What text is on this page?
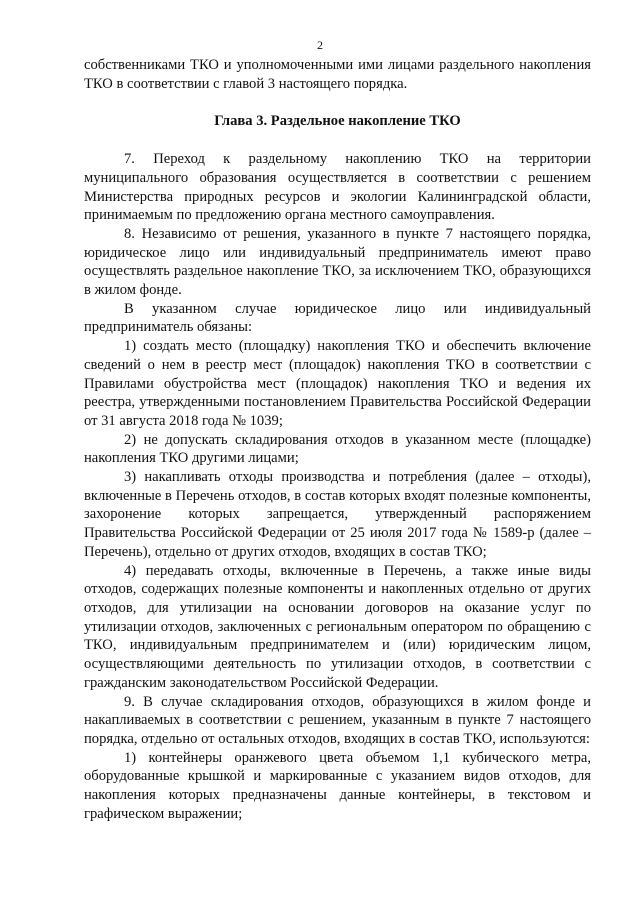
2

собственниками ТКО и уполномоченными ими лицами раздельного накопления ТКО в соответствии с главой 3 настоящего порядка.

Глава 3. Раздельное накопление ТКО

7. Переход к раздельному накоплению ТКО на территории муниципального образования осуществляется в соответствии с решением Министерства природных ресурсов и экологии Калининградской области, принимаемым по предложению органа местного самоуправления.

8. Независимо от решения, указанного в пункте 7 настоящего порядка, юридическое лицо или индивидуальный предприниматель имеют право осуществлять раздельное накопление ТКО, за исключением ТКО, образующихся в жилом фонде.

В указанном случае юридическое лицо или индивидуальный предприниматель обязаны:

1) создать место (площадку) накопления ТКО и обеспечить включение сведений о нем в реестр мест (площадок) накопления ТКО в соответствии с Правилами обустройства мест (площадок) накопления ТКО и ведения их реестра, утвержденными постановлением Правительства Российской Федерации от 31 августа 2018 года № 1039;

2) не допускать складирования отходов в указанном месте (площадке) накопления ТКО другими лицами;

3) накапливать отходы производства и потребления (далее – отходы), включенные в Перечень отходов, в состав которых входят полезные компоненты, захоронение которых запрещается, утвержденный распоряжением Правительства Российской Федерации от 25 июля 2017 года № 1589-р (далее – Перечень), отдельно от других отходов, входящих в состав ТКО;

4) передавать отходы, включенные в Перечень, а также иные виды отходов, содержащих полезные компоненты и накопленных отдельно от других отходов, для утилизации на основании договоров на оказание услуг по утилизации отходов, заключенных с региональным оператором по обращению с ТКО, индивидуальным предпринимателем и (или) юридическим лицом, осуществляющими деятельность по утилизации отходов, в соответствии с гражданским законодательством Российской Федерации.

9. В случае складирования отходов, образующихся в жилом фонде и накапливаемых в соответствии с решением, указанным в пункте 7 настоящего порядка, отдельно от остальных отходов, входящих в состав ТКО, используются:

1) контейнеры оранжевого цвета объемом 1,1 кубического метра, оборудованные крышкой и маркированные с указанием видов отходов, для накопления которых предназначены данные контейнеры, в текстовом и графическом выражении;
